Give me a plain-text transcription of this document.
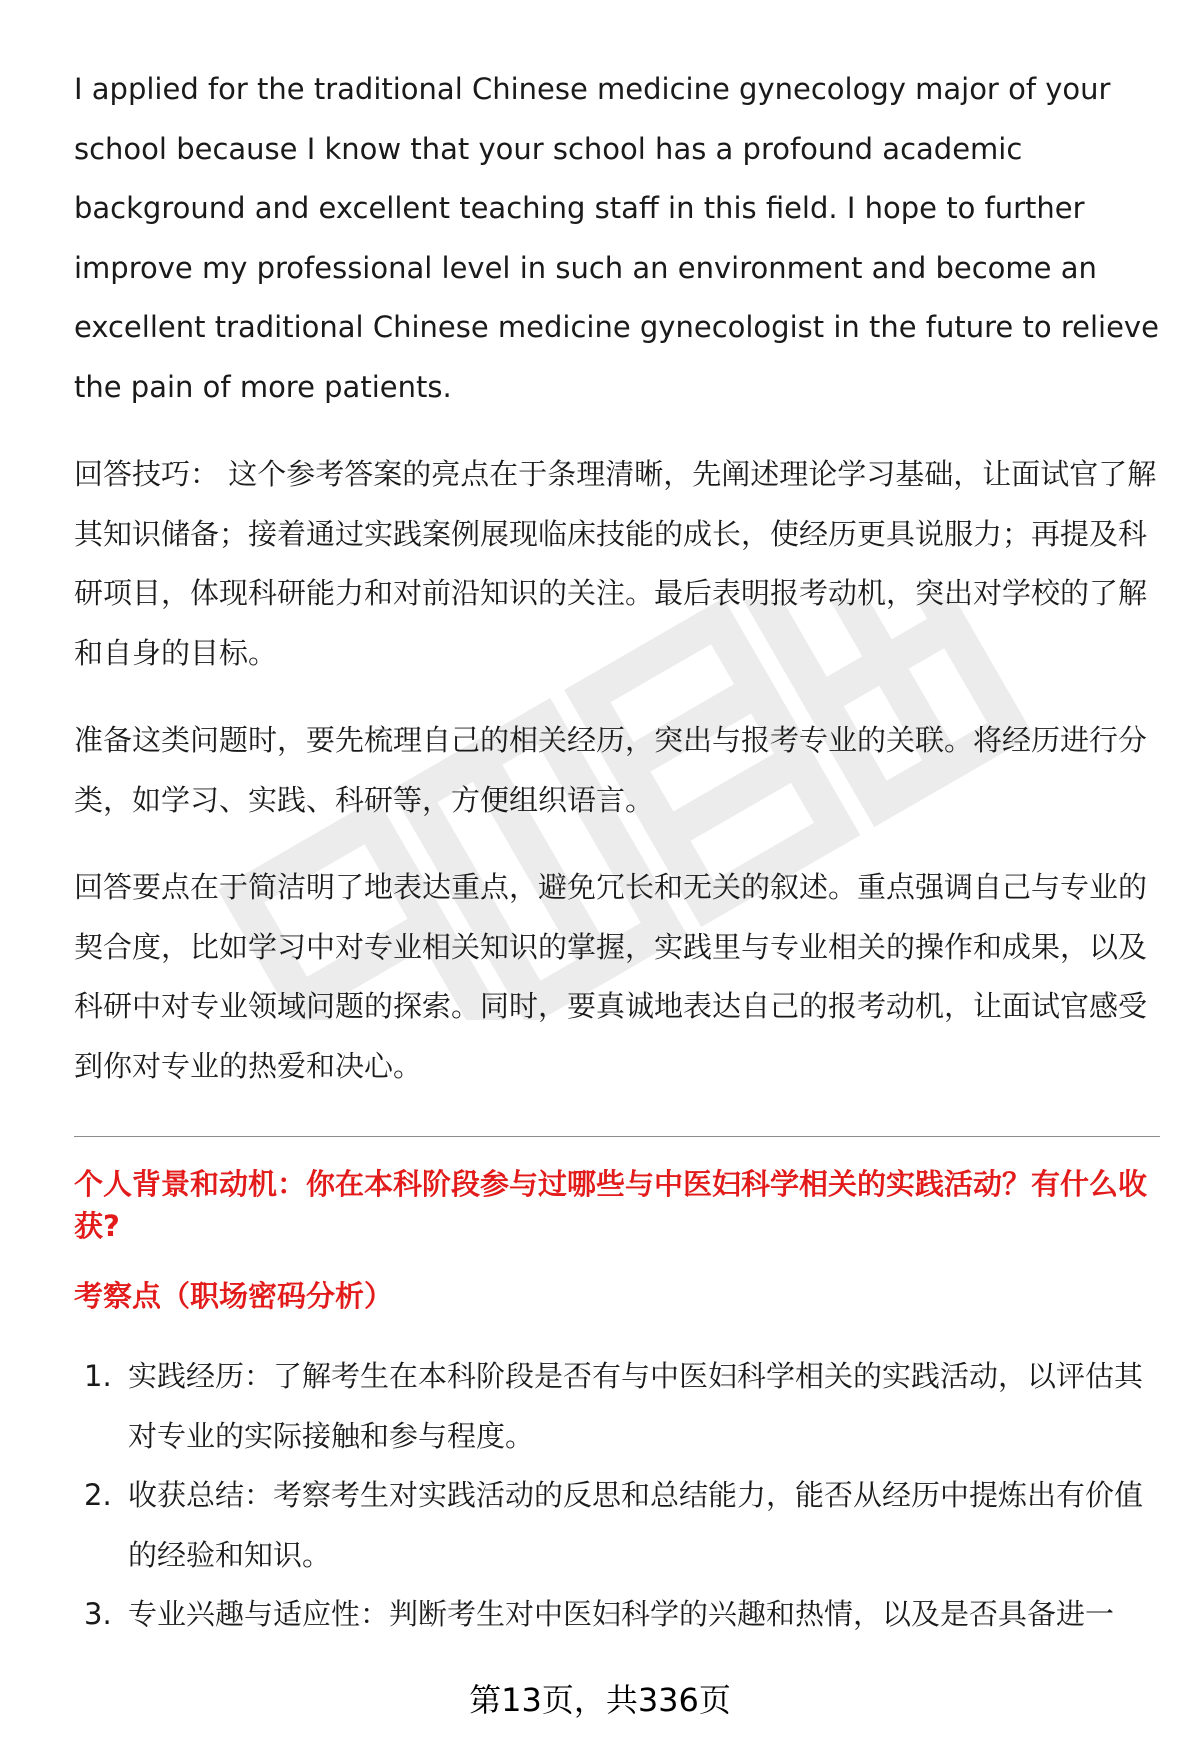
I applied for the traditional Chinese medicine gynecology major of your school because I know that your school has a profound academic background and excellent teaching staff in this field. I hope to further improve my professional level in such an environment and become an excellent traditional Chinese medicine gynecologist in the future to relieve the pain of more patients.

回答技巧： 这个参考答案的亮点在于条理清晰，先阐述理论学习基础，让面试官了解其知识储备；接着通过实践案例展现临床技能的成长，使经历更具说服力；再提及科研项目，体现科研能力和对前沿知识的关注。最后表明报考动机，突出对学校的了解和自身的目标。

准备这类问题时，要先梳理自己的相关经历，突出与报考专业的关联。将经历进行分类，如学习、实践、科研等，方便组织语言。

回答要点在于简洁明了地表达重点，避免冗长和无关的叙述。重点强调自己与专业的契合度，比如学习中对专业相关知识的掌握，实践里与专业相关的操作和成果，以及科研中对专业领域问题的探索。同时，要真诚地表达自己的报考动机，让面试官感受到你对专业的热爱和决心。

个人背景和动机：你在本科阶段参与过哪些与中医妇科学相关的实践活动？有什么收获?

考察点（职场密码分析）

1. 实践经历：了解考生在本科阶段是否有与中医妇科学相关的实践活动，以评估其对专业的实际接触和参与程度。
2. 收获总结：考察考生对实践活动的反思和总结能力，能否从经历中提炼出有价值的经验和知识。
3. 专业兴趣与适应性：判断考生对中医妇科学的兴趣和热情，以及是否具备进一
第13页，共336页
